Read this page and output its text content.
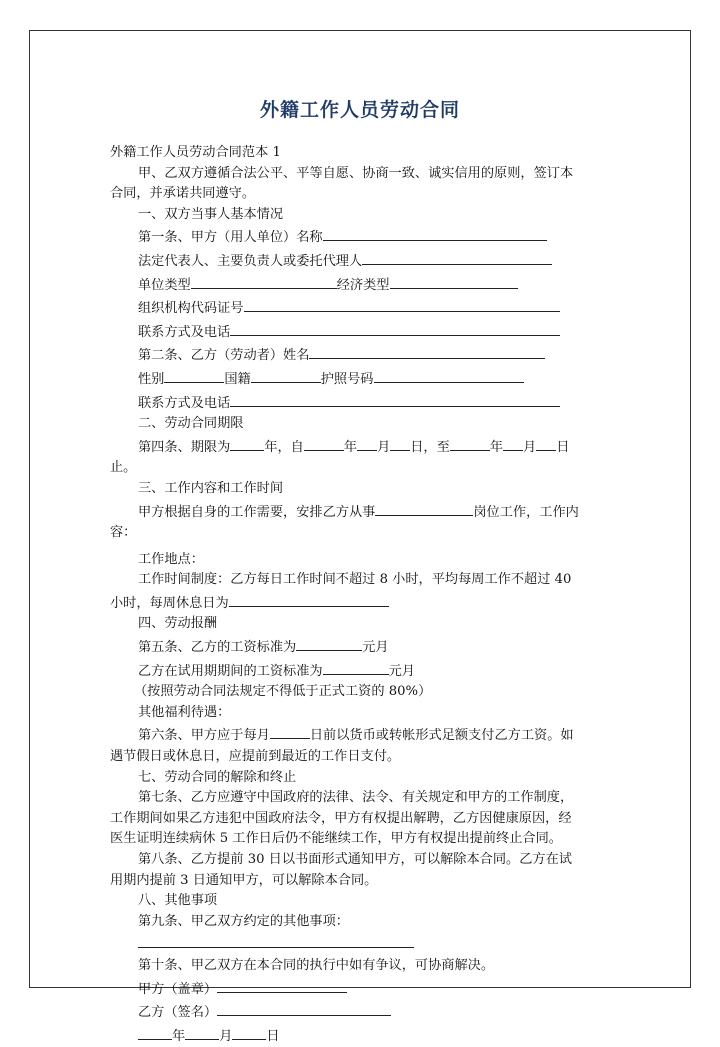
外籍工作人员劳动合同
外籍工作人员劳动合同范本 1
甲、乙双方遵循合法公平、平等自愿、协商一致、诚实信用的原则，签订本
合同，并承诺共同遵守。
一、双方当事人基本情况
第一条、甲方（用人单位）名称
法定代表人、主要负责人或委托代理人
单位类型	经济类型
组织机构代码证号
联系方式及电话
第二条、乙方（劳动者）姓名
性别	国籍	护照号码
联系方式及电话
二、劳动合同期限
第四条、期限为	年，自	年 月 日，至	年 月 日
止。
三、工作内容和工作时间
甲方根据自身的工作需要，安排乙方从事	岗位工作，工作内
容：
工作地点：
工作时间制度：乙方每日工作时间不超过 8 小时，平均每周工作不超过 40
小时，每周休息日为
四、劳动报酬
第五条、乙方的工资标准为	元月
乙方在试用期期间的工资标准为	元月
（按照劳动合同法规定不得低于正式工资的 80%）
其他福利待遇：
第六条、甲方应于每月	日前以货币或转帐形式足额支付乙方工资。如
遇节假日或休息日，应提前到最近的工作日支付。
七、劳动合同的解除和终止
第七条、乙方应遵守中国政府的法律、法令、有关规定和甲方的工作制度，
工作期间如果乙方违犯中国政府法令，甲方有权提出解聘，乙方因健康原因，经
医生证明连续病休 5 工作日后仍不能继续工作，甲方有权提出提前终止合同。
第八条、乙方提前 30 日以书面形式通知甲方，可以解除本合同。乙方在试
用期内提前 3 日通知甲方，可以解除本合同。
八、其他事项
第九条、甲乙双方约定的其他事项：
第十条、甲乙双方在本合同的执行中如有争议，可协商解决。
甲方（盖章）
乙方（签名）
年	月	日
